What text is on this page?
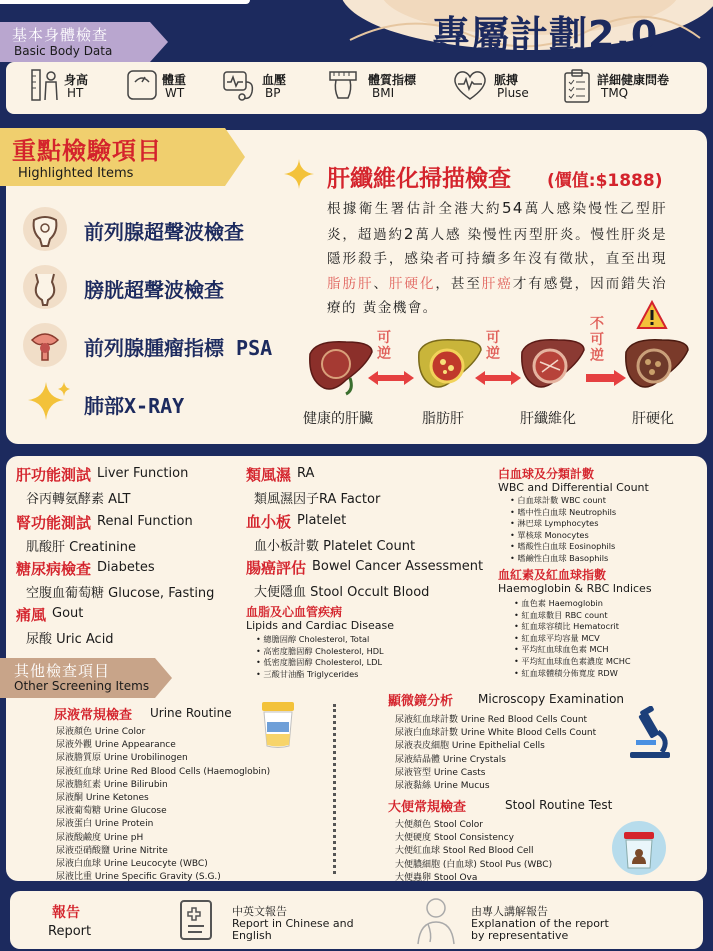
專屬計劃2.0
基本身體檢查
Basic Body Data
身高
HT
體重
WT
血壓
BP
體質指標
BMI
脈搏
Pluse
詳細健康問卷
TMQ
重點檢驗項目
Highlighted Items
前列腺超聲波檢查
膀胱超聲波檢查
前列腺腫瘤指標 PSA
肺部X-RAY
肝纖維化掃描檢查 (價值:$1888)
根據衛生署估計全港大約54萬人感染慢性乙型肝炎，超過約2萬人感 染慢性丙型肝炎。慢性肝炎是隱形殺手，感染者可持續多年沒有徵狀，直至出現脂肪肝、肝硬化，甚至肝癌才有感覺，因而錯失治療的 黃金機會。
可逆
可逆
不可逆
健康的肝臟	脂肪肝	肝纖維化	肝硬化
肝功能測試 Liver Function
谷丙轉氨酵素 ALT
腎功能測試 Renal Function
肌酸肝 Creatinine
糖尿病檢查 Diabetes
空腹血葡萄糖 Glucose, Fasting
痛風 Gout
尿酸 Uric Acid
類風濕 RA
類風濕因子RA Factor
血小板 Platelet
血小板計數 Platelet Count
腸癌評估 Bowel Cancer Assessment
大便隱血 Stool Occult Blood
血脂及心血管疾病
Lipids and Cardiac Disease
• 總膽固醇 Cholesterol, Total
• 高密度膽固醇 Cholesterol, HDL
• 低密度膽固醇 Cholesterol, LDL
• 三酸甘油酯 Triglycerides
白血球及分類計數
WBC and Differential Count
• 白血球計數 WBC count
• 嗜中性白血球 Neutrophils
• 淋巴球 Lymphocytes
• 單核球 Monocytes
• 嗜酸性白血球 Eosinophils
• 嗜鹼性白血球 Basophils
血紅素及紅血球指數
Haemoglobin & RBC Indices
• 血色素 Haemoglobin
• 紅血球數目 RBC count
• 紅血球容積比 Hematocrit
• 紅血球平均容量 MCV
• 平均紅血球血色素 MCH
• 平均紅血球血色素濃度 MCHC
• 紅血球體積分佈寬度 RDW
其他檢查項目
Other Screening Items
尿液常規檢查 Urine Routine
尿液顏色 Urine Color
尿液外觀 Urine Appearance
尿液膽質原 Urine Urobilinogen
尿液紅血球 Urine Red Blood Cells (Haemoglobin)
尿液膽紅素 Urine Bilirubin
尿液酮 Urine Ketones
尿液葡萄糖 Urine Glucose
尿液蛋白 Urine Protein
尿液酸鹼度 Urine pH
尿液亞硝酸鹽 Urine Nitrite
尿液白血球 Urine Leucocyte (WBC)
尿液比重 Urine Specific Gravity (S.G.)
顯微鏡分析 Microscopy Examination
尿液紅血球計數 Urine Red Blood Cells Count
尿液白血球計數 Urine White Blood Cells Count
尿液表皮細胞 Urine Epithelial Cells
尿液結晶體 Urine Crystals
尿液管型 Urine Casts
尿液黏絲 Urine Mucus
大便常規檢查	Stool Routine Test
大便顏色 Stool Color
大便硬度 Stool Consistency
大便紅血球 Stool Red Blood Cell
大便膿細胞 (白血球) Stool Pus (WBC)
大便蟲卵 Stool Ova
報告
Report
中英文報告
Report in Chinese and
English
由專人講解報告
Explanation of the report
by representative
